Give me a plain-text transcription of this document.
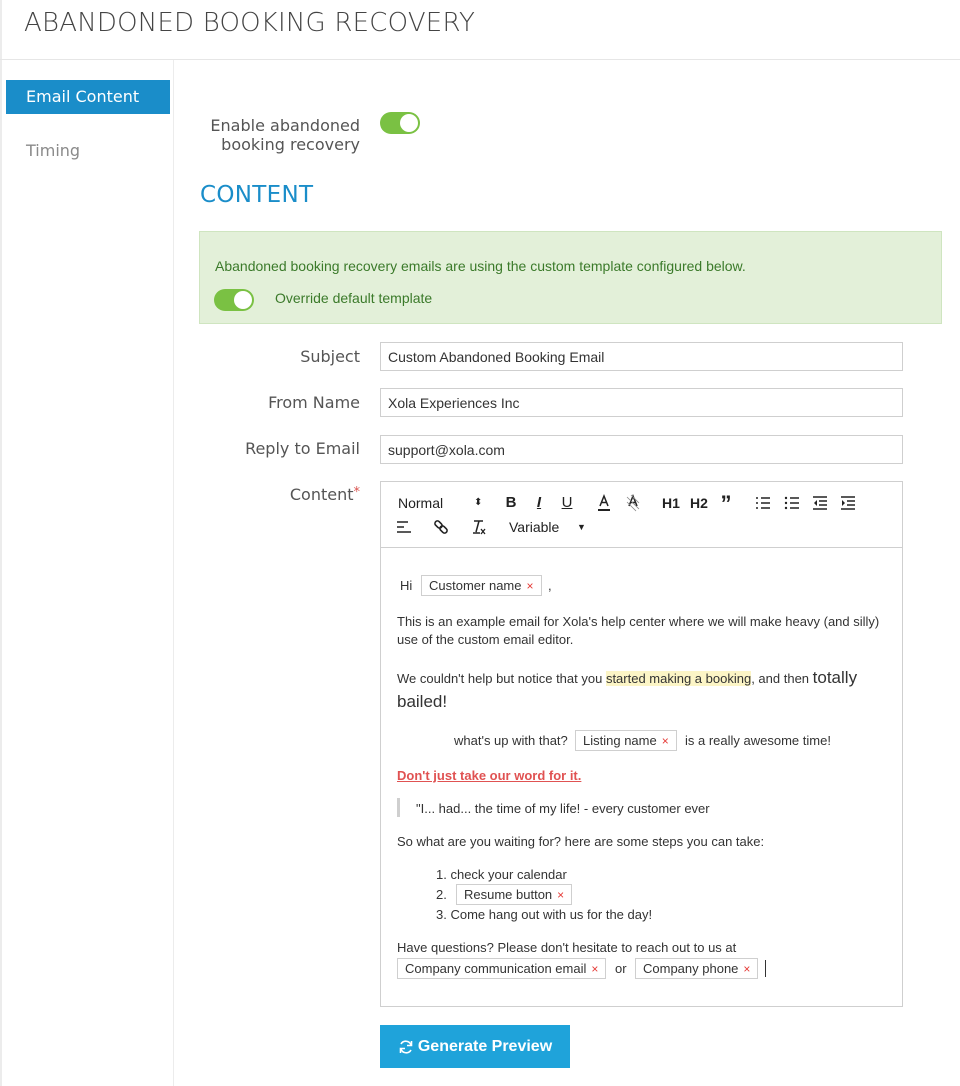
ABANDONED BOOKING RECOVERY
Email Content
Timing
Enable abandoned
booking recovery
CONTENT
Abandoned booking recovery emails are using the custom template configured below.
Override default template
Subject
Custom Abandoned Booking Email
From Name
Xola Experiences Inc
Reply to Email
support@xola.com
Content*
Normal	⬍ B	I	U	H1 H2 ”
Variable ▼
Hi	Customer name ×	,
This is an example email for Xola's help center where we will make heavy (and silly)
use of the custom email editor.
We couldn't help but notice that you started making a booking, and then totally
bailed!
what's up with that?	Listing name ×	is a really awesome time!
Don't just take our word for it.
"I... had... the time of my life! - every customer ever
So what are you waiting for? here are some steps you can take:
1. check your calendar
2.	Resume button ×
3. Come hang out with us for the day!
Have questions? Please don't hesitate to reach out to us at
Company communication email ×	or	Company phone ×
Generate Preview
